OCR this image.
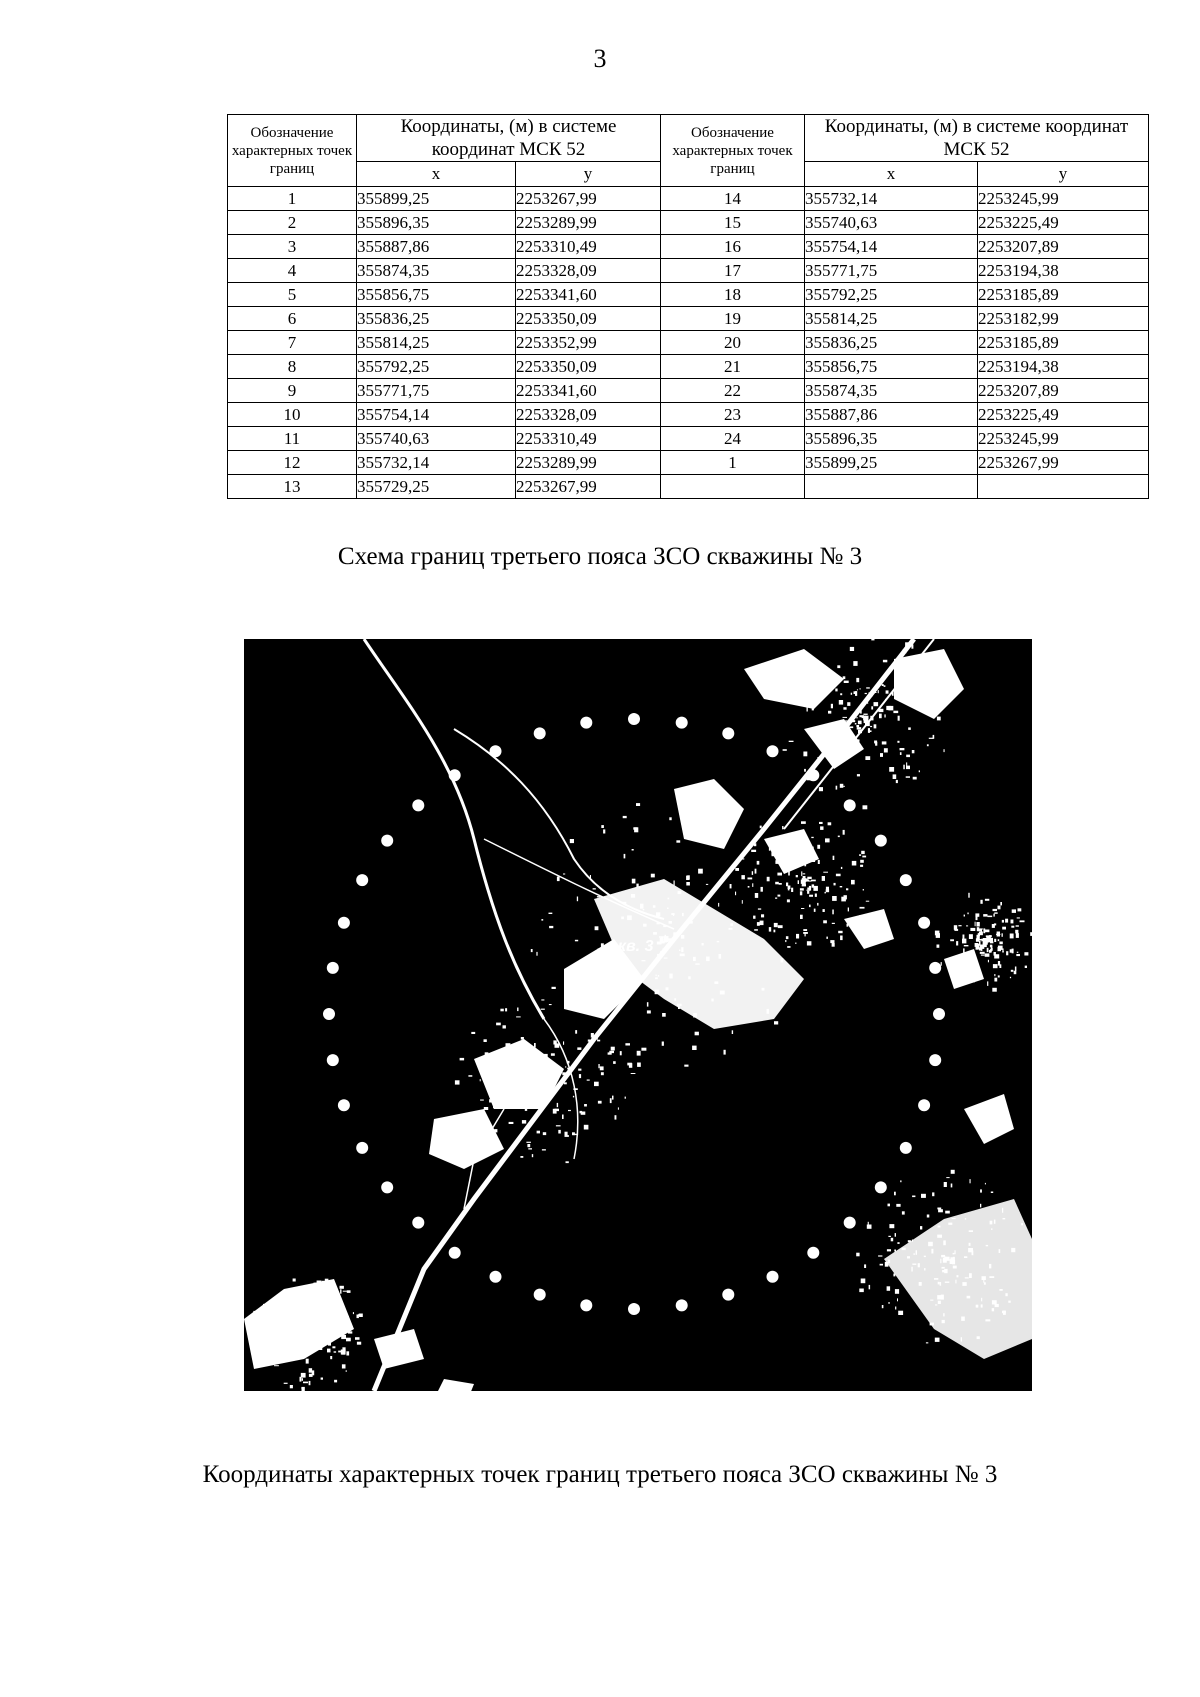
3
Обозначение характерных точек границ	Координаты, (м) в системе координат МСК 52		Обозначение характерных точек границ	Координаты, (м) в системе координат МСК 52	
	x	y		x	y
1	355899,25	2253267,99	14	355732,14	2253245,99
2	355896,35	2253289,99	15	355740,63	2253225,49
3	355887,86	2253310,49	16	355754,14	2253207,89
4	355874,35	2253328,09	17	355771,75	2253194,38
5	355856,75	2253341,60	18	355792,25	2253185,89
6	355836,25	2253350,09	19	355814,25	2253182,99
7	355814,25	2253352,99	20	355836,25	2253185,89
8	355792,25	2253350,09	21	355856,75	2253194,38
9	355771,75	2253341,60	22	355874,35	2253207,89
10	355754,14	2253328,09	23	355887,86	2253225,49
11	355740,63	2253310,49	24	355896,35	2253245,99
12	355732,14	2253289,99	1	355899,25	2253267,99
13	355729,25	2253267,99			
Схема границ третьего пояса ЗСО скважины № 3
скв. 3
Координаты характерных точек границ третьего пояса ЗСО скважины № 3
